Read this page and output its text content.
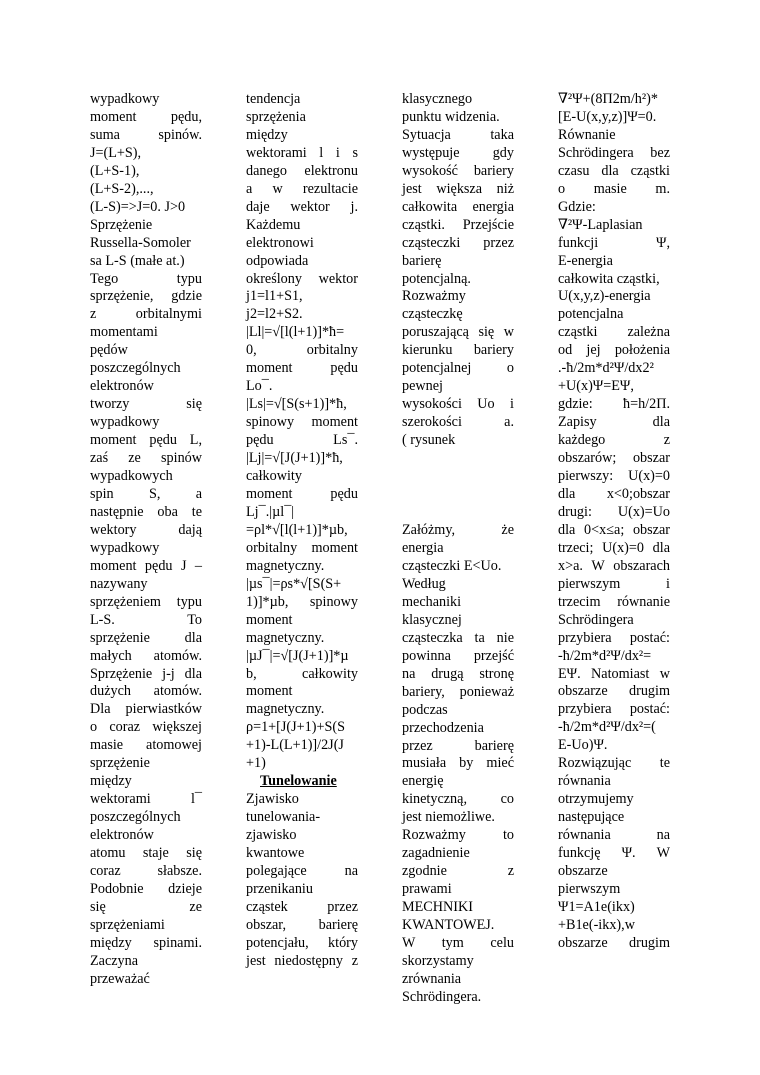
wypadkowy
moment pędu,
suma spinów.
J=(L+S),
(L+S-1),
(L+S-2),...,
(L-S)=>J=0. J>0
Sprzężenie
Russella-Somoler
sa L-S (małe at.)
Tego typu
sprzężenie, gdzie
z orbitalnymi
momentami
pędów
poszczególnych
elektronów
tworzy się
wypadkowy
moment pędu L,
zaś ze spinów
wypadkowych
spin S, a
następnie oba te
wektory dają
wypadkowy
moment pędu J –
nazywany
sprzężeniem typu
L-S. To
sprzężenie dla
małych atomów.
Sprzężenie j-j dla
dużych atomów.
Dla pierwiastków
o coraz większej
masie atomowej
sprzężenie
między
wektorami l¯
poszczególnych
elektronów
atomu staje się
coraz słabsze.
Podobnie dzieje
się ze
sprzężeniami
między spinami.
Zaczyna
przeważać
tendencja
sprzężenia
między
wektorami l i s
danego elektronu
a w rezultacie
daje wektor j.
Każdemu
elektronowi
odpowiada
określony wektor
j1=l1+S1,
j2=l2+S2.
|Ll|=√[l(l+1)]*ħ=
0, orbitalny
moment pędu
Lo¯.
|Ls|=√[S(s+1)]*ħ,
spinowy moment
pędu Ls¯.
|Lj|=√[J(J+1)]*ħ,
całkowity
moment pędu
Lj¯.|µl¯|
=ρl*√[l(l+1)]*µb,
orbitalny moment
magnetyczny.
|µs¯|=ρs*√[S(S+
1)]*µb, spinowy
moment
magnetyczny.
|µJ¯|=√[J(J+1)]*µ
b, całkowity
moment
magnetyczny.
ρ=1+[J(J+1)+S(S
+1)-L(L+1)]/2J(J
+1)
Tunelowanie
Zjawisko
tunelowania-
zjawisko
kwantowe
polegające na
przenikaniu
cząstek przez
obszar, barierę
potencjału, który
jest niedostępny z
klasycznego
punktu widzenia.
Sytuacja taka
występuje gdy
wysokość bariery
jest większa niż
całkowita energia
cząstki. Przejście
cząsteczki przez
barierę
potencjalną.
Rozważmy
cząsteczkę
poruszającą się w
kierunku bariery
potencjalnej o
pewnej
wysokości Uo i
szerokości a.
( rysunek
Załóżmy, że
energia
cząsteczki E<Uo.
Według
mechaniki
klasycznej
cząsteczka ta nie
powinna przejść
na drugą stronę
bariery, ponieważ
podczas
przechodzenia
przez barierę
musiała by mieć
energię
kinetyczną, co
jest niemożliwe.
Rozważmy to
zagadnienie
zgodnie z
prawami
MECHNIKI
KWANTOWEJ.
W tym celu
skorzystamy
zrównania
Schrödingera.
∇²Ψ+(8Π2m/h²)*
[E-U(x,y,z)]Ψ=0.
Równanie
Schrödingera bez
czasu dla cząstki
o masie m.
Gdzie:
∇²Ψ-Laplasian
funkcji Ψ,
E-energia
całkowita cząstki,
U(x,y,z)-energia
potencjalna
cząstki zależna
od jej położenia
.-ħ/2m*d²Ψ/dx2²
+U(x)Ψ=EΨ,
gdzie: ħ=h/2Π.
Zapisy dla
każdego z
obszarów; obszar
pierwszy: U(x)=0
dla x<0;obszar
drugi: U(x)=Uo
dla 0<x≤a; obszar
trzeci; U(x)=0 dla
x>a. W obszarach
pierwszym i
trzecim równanie
Schrödingera
przybiera postać:
-ħ/2m*d²Ψ/dx²=
EΨ. Natomiast w
obszarze drugim
przybiera postać:
-ħ/2m*d²Ψ/dx²=(
E-Uo)Ψ.
Rozwiązując te
równania
otrzymujemy
następujące
równania na
funkcję Ψ. W
obszarze
pierwszym
Ψ1=A1e(ikx)
+B1e(-ikx),w
obszarze drugim
